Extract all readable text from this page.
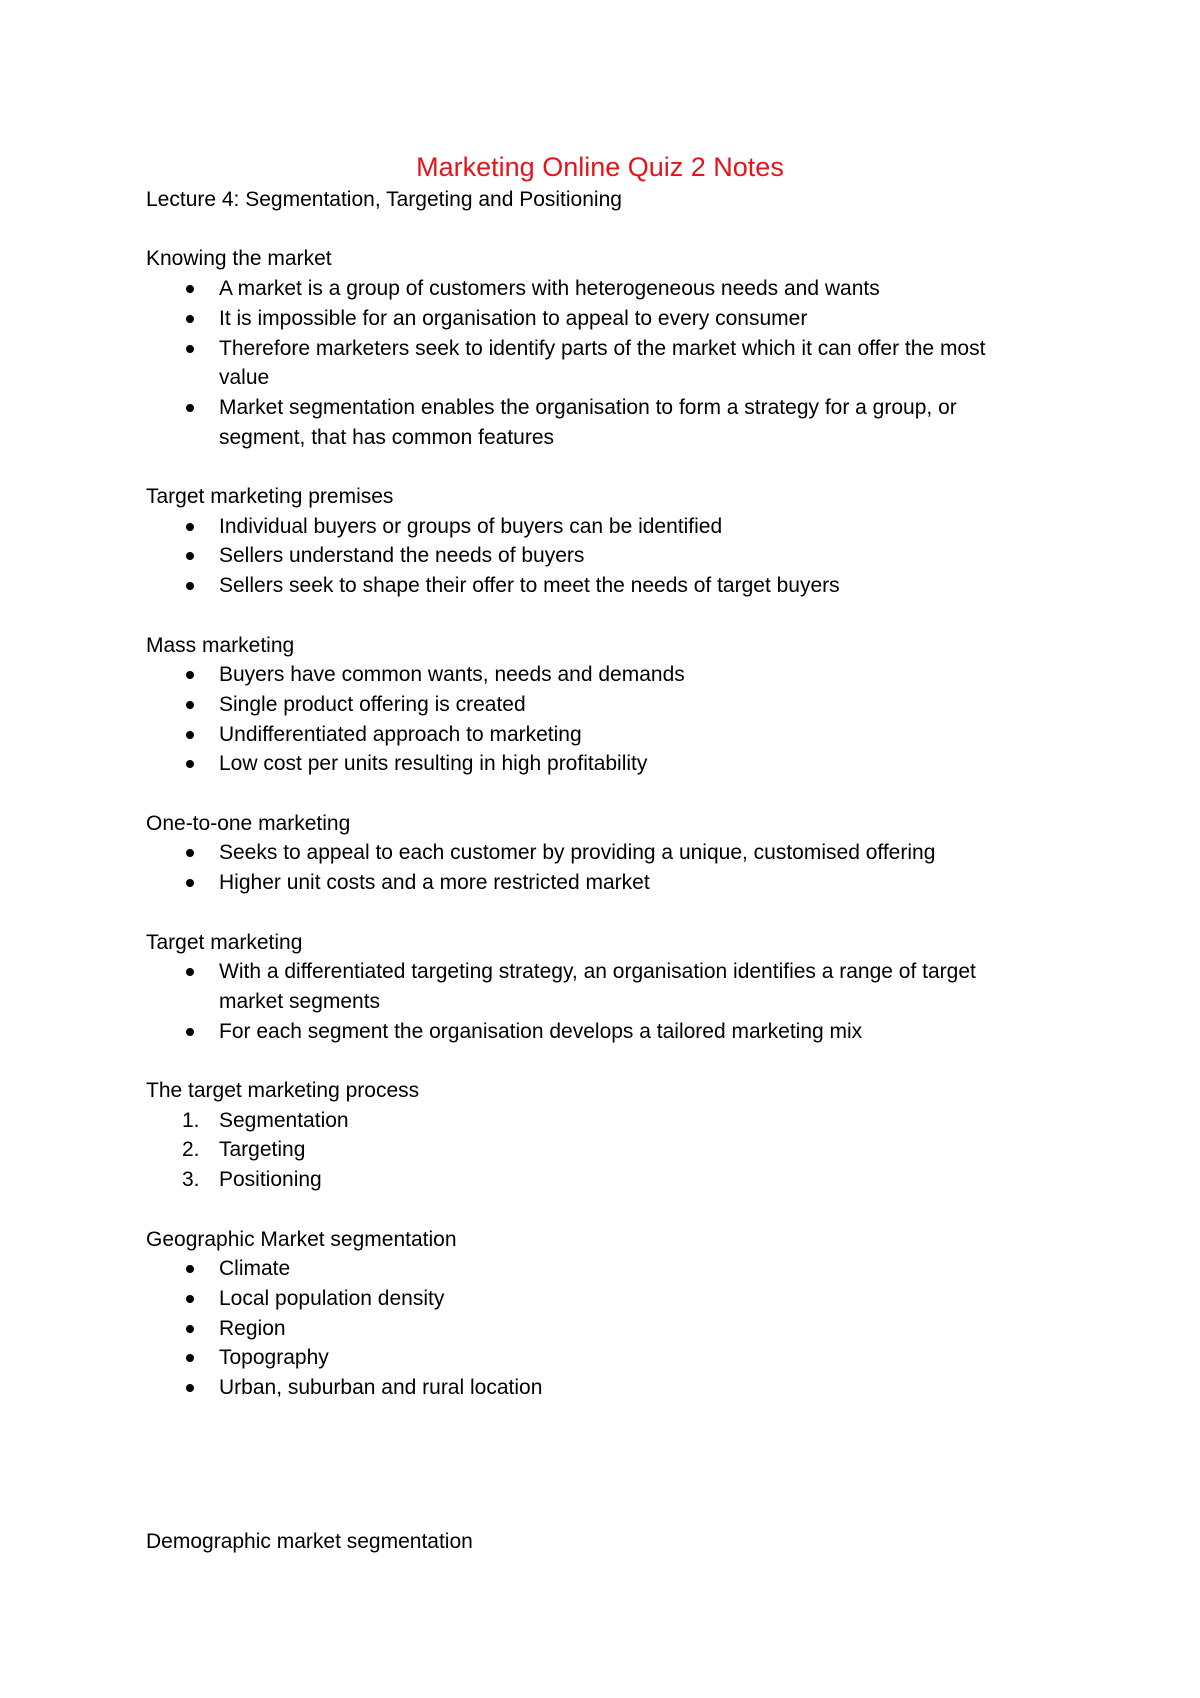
Marketing Online Quiz 2 Notes
Lecture 4: Segmentation, Targeting and Positioning
Knowing the market
A market is a group of customers with heterogeneous needs and wants
It is impossible for an organisation to appeal to every consumer
Therefore marketers seek to identify parts of the market which it can offer the most
value
Market segmentation enables the organisation to form a strategy for a group, or
segment, that has common features
Target marketing premises
Individual buyers or groups of buyers can be identified
Sellers understand the needs of buyers
Sellers seek to shape their offer to meet the needs of target buyers
Mass marketing
Buyers have common wants, needs and demands
Single product offering is created
Undifferentiated approach to marketing
Low cost per units resulting in high profitability
One-to-one marketing
Seeks to appeal to each customer by providing a unique, customised offering
Higher unit costs and a more restricted market
Target marketing
With a differentiated targeting strategy, an organisation identifies a range of target
market segments
For each segment the organisation develops a tailored marketing mix
The target marketing process
1. Segmentation
2. Targeting
3. Positioning
Geographic Market segmentation
Climate
Local population density
Region
Topography
Urban, suburban and rural location
Demographic market segmentation
